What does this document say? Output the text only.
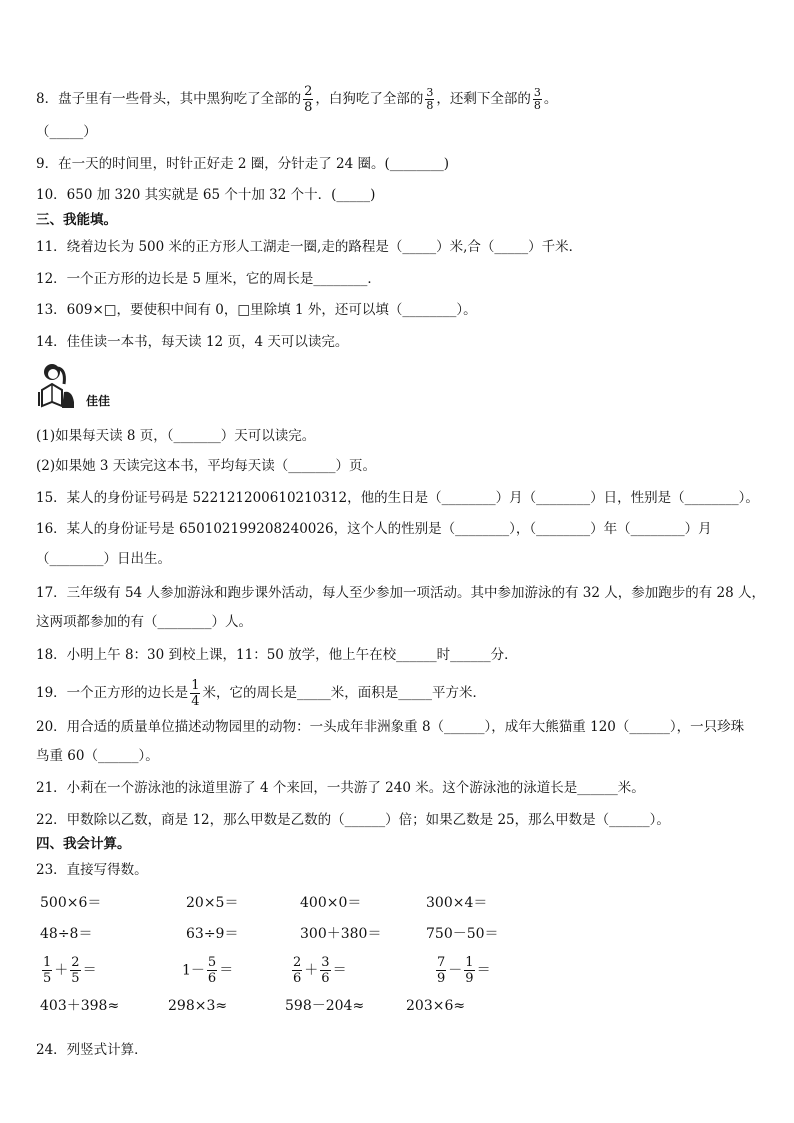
8．盘子里有一些骨头，其中黑狗吃了全部的 $\frac{2}{8}$ ，白狗吃了全部的 $\frac{3}{8}$ ，还剩下全部的 $\frac{3}{8}$ 。
（_____）
9．在一天的时间里，时针正好走 2 圈，分针走了 24 圈。(________)
10．650 加 320 其实就是 65 个十加 32 个十．(_____)
三、我能填。
11．绕着边长为 500 米的正方形人工湖走一圈,走的路程是（_____）米,合（_____）千米．
12．一个正方形的边长是 5 厘米，它的周长是________．
13．609×□，要使积中间有 0，□里除填 1 外，还可以填（________）。
14．佳佳读一本书，每天读 12 页，4 天可以读完。
佳佳
(1)如果每天读 8 页，（_______）天可以读完。
(2)如果她 3 天读完这本书，平均每天读（_______）页。
15．某人的身份证号码是 522121200610210312，他的生日是（________）月（________）日，性别是（________）。
16．某人的身份证号是 650102199208240026，这个人的性别是（________），（________）年（________）月
（________）日出生。
17．三年级有 54 人参加游泳和跑步课外活动，每人至少参加一项活动。其中参加游泳的有 32 人，参加跑步的有 28 人，
这两项都参加的有（________）人。
18．小明上午 8：30 到校上课，11：50 放学，他上午在校______时______分．
19．一个正方形的边长是 $\frac{1}{4}$ 米，它的周长是_____米，面积是_____平方米．
20．用合适的质量单位描述动物园里的动物：一头成年非洲象重 8（______），成年大熊猫重 120（______），一只珍珠
鸟重 60（______）。
21．小莉在一个游泳池的泳道里游了 4 个来回，一共游了 240 米。这个游泳池的泳道长是______米。
22．甲数除以乙数，商是 12，那么甲数是乙数的（______）倍；如果乙数是 25，那么甲数是（______）。
四、我会计算。
23．直接写得数。
500×6＝	20×5＝	400×0＝	300×4＝
48÷8＝	63÷9＝	300＋380＝	750－50＝
$\frac{1}{5} + \frac{2}{5}$ ＝	$1- \frac{5}{6}$ ＝	$\frac{2}{6} + \frac{3}{6}$ ＝	$\frac{7}{9} - \frac{1}{9}$ ＝
403＋398≈	298×3≈	598－204≈	203×6≈
24．列竖式计算．
